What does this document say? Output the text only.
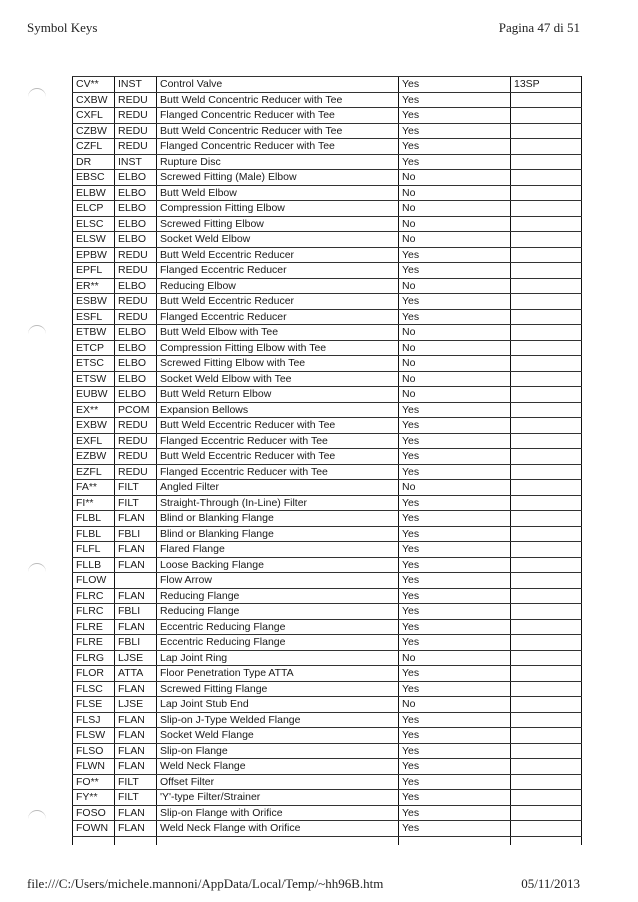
Symbol Keys	Pagina 47 di 51
CV**	INST	Control Valve	Yes	13SP
CXBW	REDU	Butt Weld Concentric Reducer with Tee	Yes	
CXFL	REDU	Flanged Concentric Reducer with Tee	Yes	
CZBW	REDU	Butt Weld Concentric Reducer with Tee	Yes	
CZFL	REDU	Flanged Concentric Reducer with Tee	Yes	
DR	INST	Rupture Disc	Yes	
EBSC	ELBO	Screwed Fitting (Male) Elbow	No	
ELBW	ELBO	Butt Weld Elbow	No	
ELCP	ELBO	Compression Fitting Elbow	No	
ELSC	ELBO	Screwed Fitting Elbow	No	
ELSW	ELBO	Socket Weld Elbow	No	
EPBW	REDU	Butt Weld Eccentric Reducer	Yes	
EPFL	REDU	Flanged Eccentric Reducer	Yes	
ER**	ELBO	Reducing Elbow	No	
ESBW	REDU	Butt Weld Eccentric Reducer	Yes	
ESFL	REDU	Flanged Eccentric Reducer	Yes	
ETBW	ELBO	Butt Weld Elbow with Tee	No	
ETCP	ELBO	Compression Fitting Elbow with Tee	No	
ETSC	ELBO	Screwed Fitting Elbow with Tee	No	
ETSW	ELBO	Socket Weld Elbow with Tee	No	
EUBW	ELBO	Butt Weld Return Elbow	No	
EX**	PCOM	Expansion Bellows	Yes	
EXBW	REDU	Butt Weld Eccentric Reducer with Tee	Yes	
EXFL	REDU	Flanged Eccentric Reducer with Tee	Yes	
EZBW	REDU	Butt Weld Eccentric Reducer with Tee	Yes	
EZFL	REDU	Flanged Eccentric Reducer with Tee	Yes	
FA**	FILT	Angled Filter	No	
FI**	FILT	Straight-Through (In-Line) Filter	Yes	
FLBL	FLAN	Blind or Blanking Flange	Yes	
FLBL	FBLI	Blind or Blanking Flange	Yes	
FLFL	FLAN	Flared Flange	Yes	
FLLB	FLAN	Loose Backing Flange	Yes	
FLOW		Flow Arrow	Yes	
FLRC	FLAN	Reducing Flange	Yes	
FLRC	FBLI	Reducing Flange	Yes	
FLRE	FLAN	Eccentric Reducing Flange	Yes	
FLRE	FBLI	Eccentric Reducing Flange	Yes	
FLRG	LJSE	Lap Joint Ring	No	
FLOR	ATTA	Floor Penetration Type ATTA	Yes	
FLSC	FLAN	Screwed Fitting Flange	Yes	
FLSE	LJSE	Lap Joint Stub End	No	
FLSJ	FLAN	Slip-on J-Type Welded Flange	Yes	
FLSW	FLAN	Socket Weld Flange	Yes	
FLSO	FLAN	Slip-on Flange	Yes	
FLWN	FLAN	Weld Neck Flange	Yes	
FO**	FILT	Offset Filter	Yes	
FY**	FILT	'Y'-type Filter/Strainer	Yes	
FOSO	FLAN	Slip-on Flange with Orifice	Yes	
FOWN	FLAN	Weld Neck Flange with Orifice	Yes	

file:///C:/Users/michele.mannoni/AppData/Local/Temp/~hh96B.htm	05/11/2013
